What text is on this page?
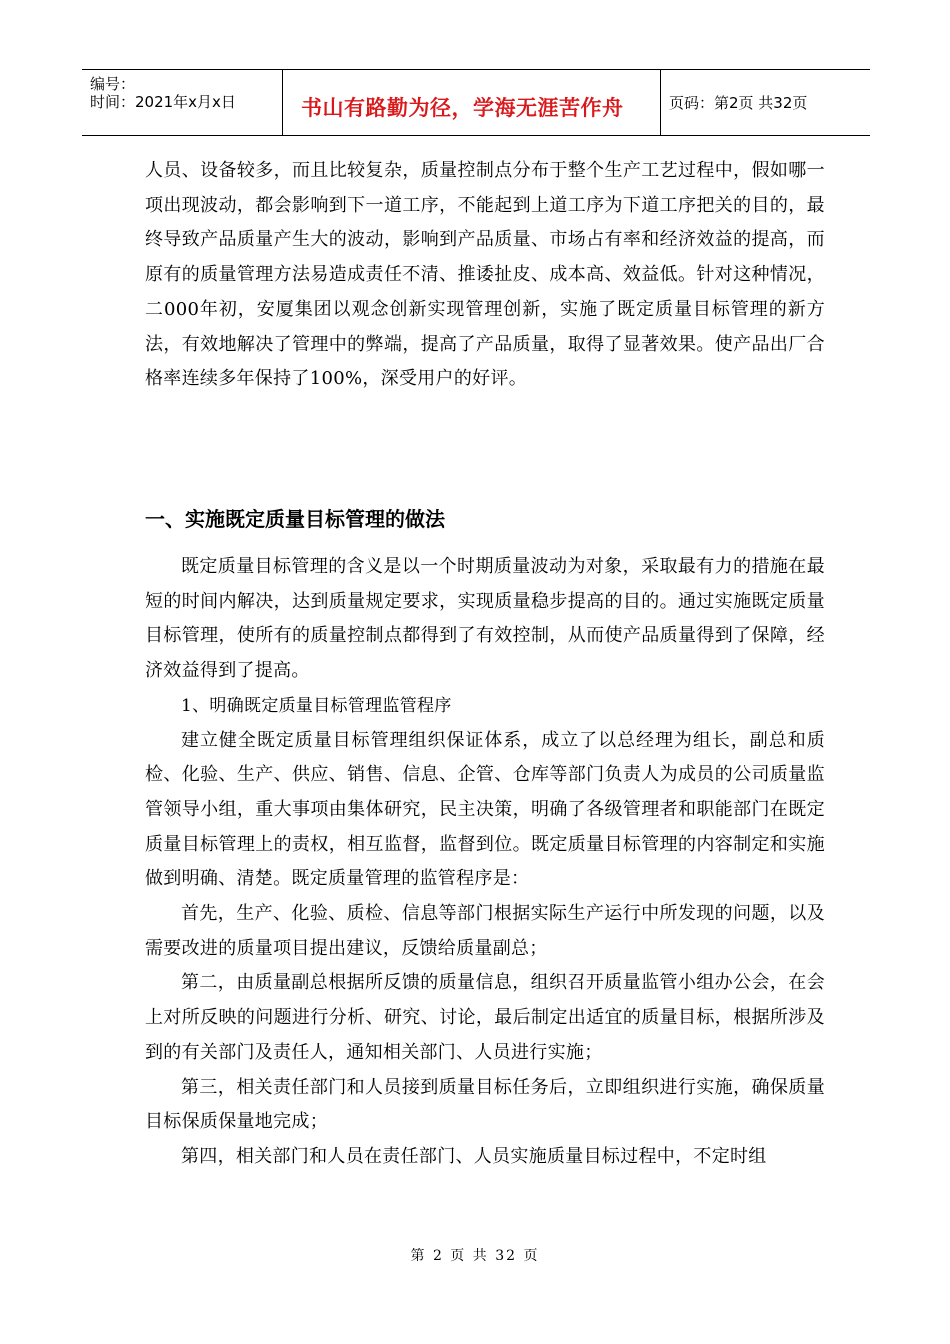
编号：
时间：2021年x月x日	书山有路勤为径，学海无涯苦作舟	页码：第2页 共32页

人员、设备较多，而且比较复杂，质量控制点分布于整个生产工艺过程中，假如哪一项出现波动，都会影响到下一道工序，不能起到上道工序为下道工序把关的目的，最终导致产品质量产生大的波动，影响到产品质量、市场占有率和经济效益的提高，而原有的质量管理方法易造成责任不清、推诿扯皮、成本高、效益低。针对这种情况，二000年初，安厦集团以观念创新实现管理创新，实施了既定质量目标管理的新方法，有效地解决了管理中的弊端，提高了产品质量，取得了显著效果。使产品出厂合格率连续多年保持了100%，深受用户的好评。

一、实施既定质量目标管理的做法

既定质量目标管理的含义是以一个时期质量波动为对象，采取最有力的措施在最短的时间内解决，达到质量规定要求，实现质量稳步提高的目的。通过实施既定质量目标管理，使所有的质量控制点都得到了有效控制，从而使产品质量得到了保障，经济效益得到了提高。

1、明确既定质量目标管理监管程序

建立健全既定质量目标管理组织保证体系，成立了以总经理为组长，副总和质检、化验、生产、供应、销售、信息、企管、仓库等部门负责人为成员的公司质量监管领导小组，重大事项由集体研究，民主决策，明确了各级管理者和职能部门在既定质量目标管理上的责权，相互监督，监督到位。既定质量目标管理的内容制定和实施做到明确、清楚。既定质量管理的监管程序是：

首先，生产、化验、质检、信息等部门根据实际生产运行中所发现的问题，以及需要改进的质量项目提出建议，反馈给质量副总；

第二，由质量副总根据所反馈的质量信息，组织召开质量监管小组办公会，在会上对所反映的问题进行分析、研究、讨论，最后制定出适宜的质量目标，根据所涉及到的有关部门及责任人，通知相关部门、人员进行实施；

第三，相关责任部门和人员接到质量目标任务后，立即组织进行实施，确保质量目标保质保量地完成；

第四，相关部门和人员在责任部门、人员实施质量目标过程中，不定时组

第 2 页 共 32 页
